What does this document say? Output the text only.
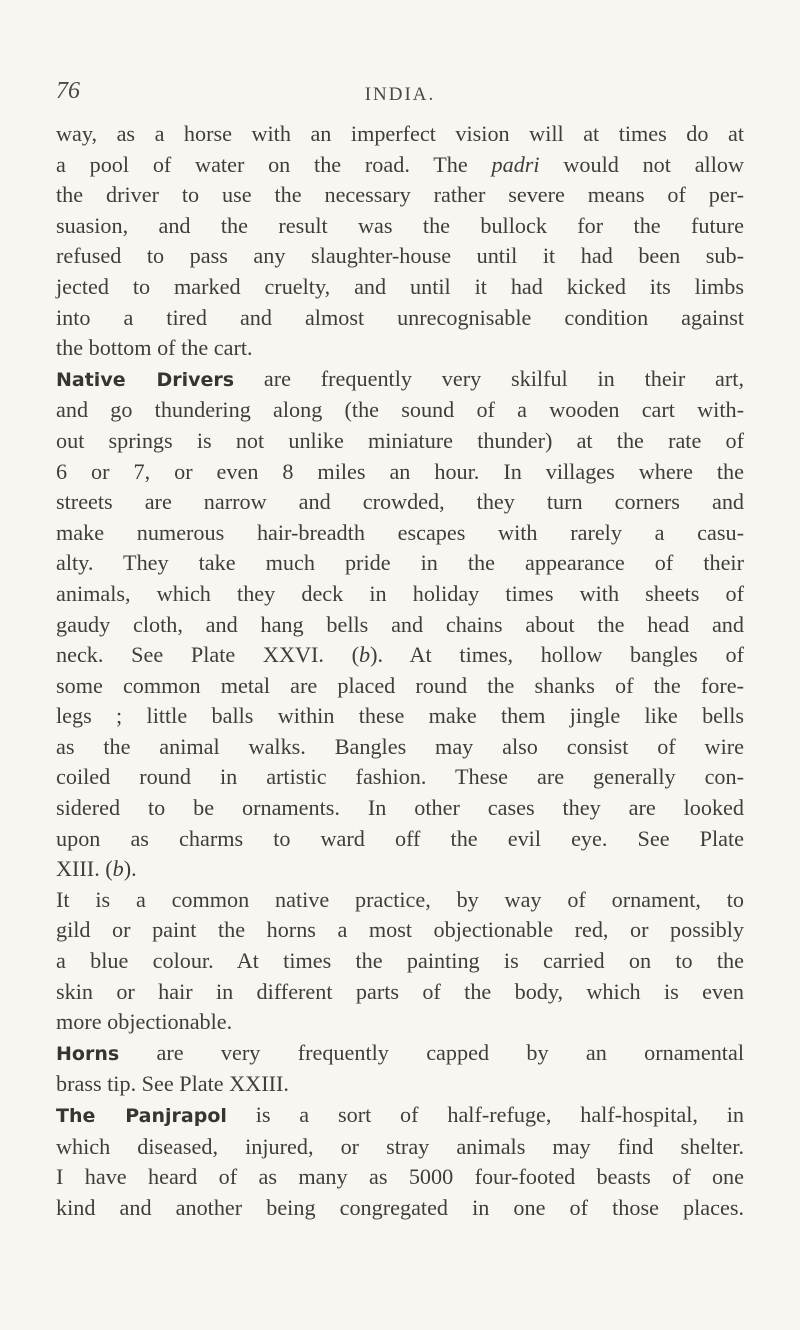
76	INDIA.
way, as a horse with an imperfect vision will at times do at
a pool of water on the road. The padri would not allow
the driver to use the necessary rather severe means of per-
suasion, and the result was the bullock for the future
refused to pass any slaughter-house until it had been sub-
jected to marked cruelty, and until it had kicked its limbs
into a tired and almost unrecognisable condition against
the bottom of the cart.
Native Drivers are frequently very skilful in their art,
and go thundering along (the sound of a wooden cart with-
out springs is not unlike miniature thunder) at the rate of
6 or 7, or even 8 miles an hour. In villages where the
streets are narrow and crowded, they turn corners and
make numerous hair-breadth escapes with rarely a casu-
alty. They take much pride in the appearance of their
animals, which they deck in holiday times with sheets of
gaudy cloth, and hang bells and chains about the head and
neck. See Plate XXVI. (b). At times, hollow bangles of
some common metal are placed round the shanks of the fore-
legs ; little balls within these make them jingle like bells
as the animal walks. Bangles may also consist of wire
coiled round in artistic fashion. These are generally con-
sidered to be ornaments. In other cases they are looked
upon as charms to ward off the evil eye. See Plate
XIII. (b).
It is a common native practice, by way of ornament, to
gild or paint the horns a most objectionable red, or possibly
a blue colour. At times the painting is carried on to the
skin or hair in different parts of the body, which is even
more objectionable.
Horns are very frequently capped by an ornamental
brass tip. See Plate XXIII.
The Panjrapol is a sort of half-refuge, half-hospital, in
which diseased, injured, or stray animals may find shelter.
I have heard of as many as 5000 four-footed beasts of one
kind and another being congregated in one of those places.
